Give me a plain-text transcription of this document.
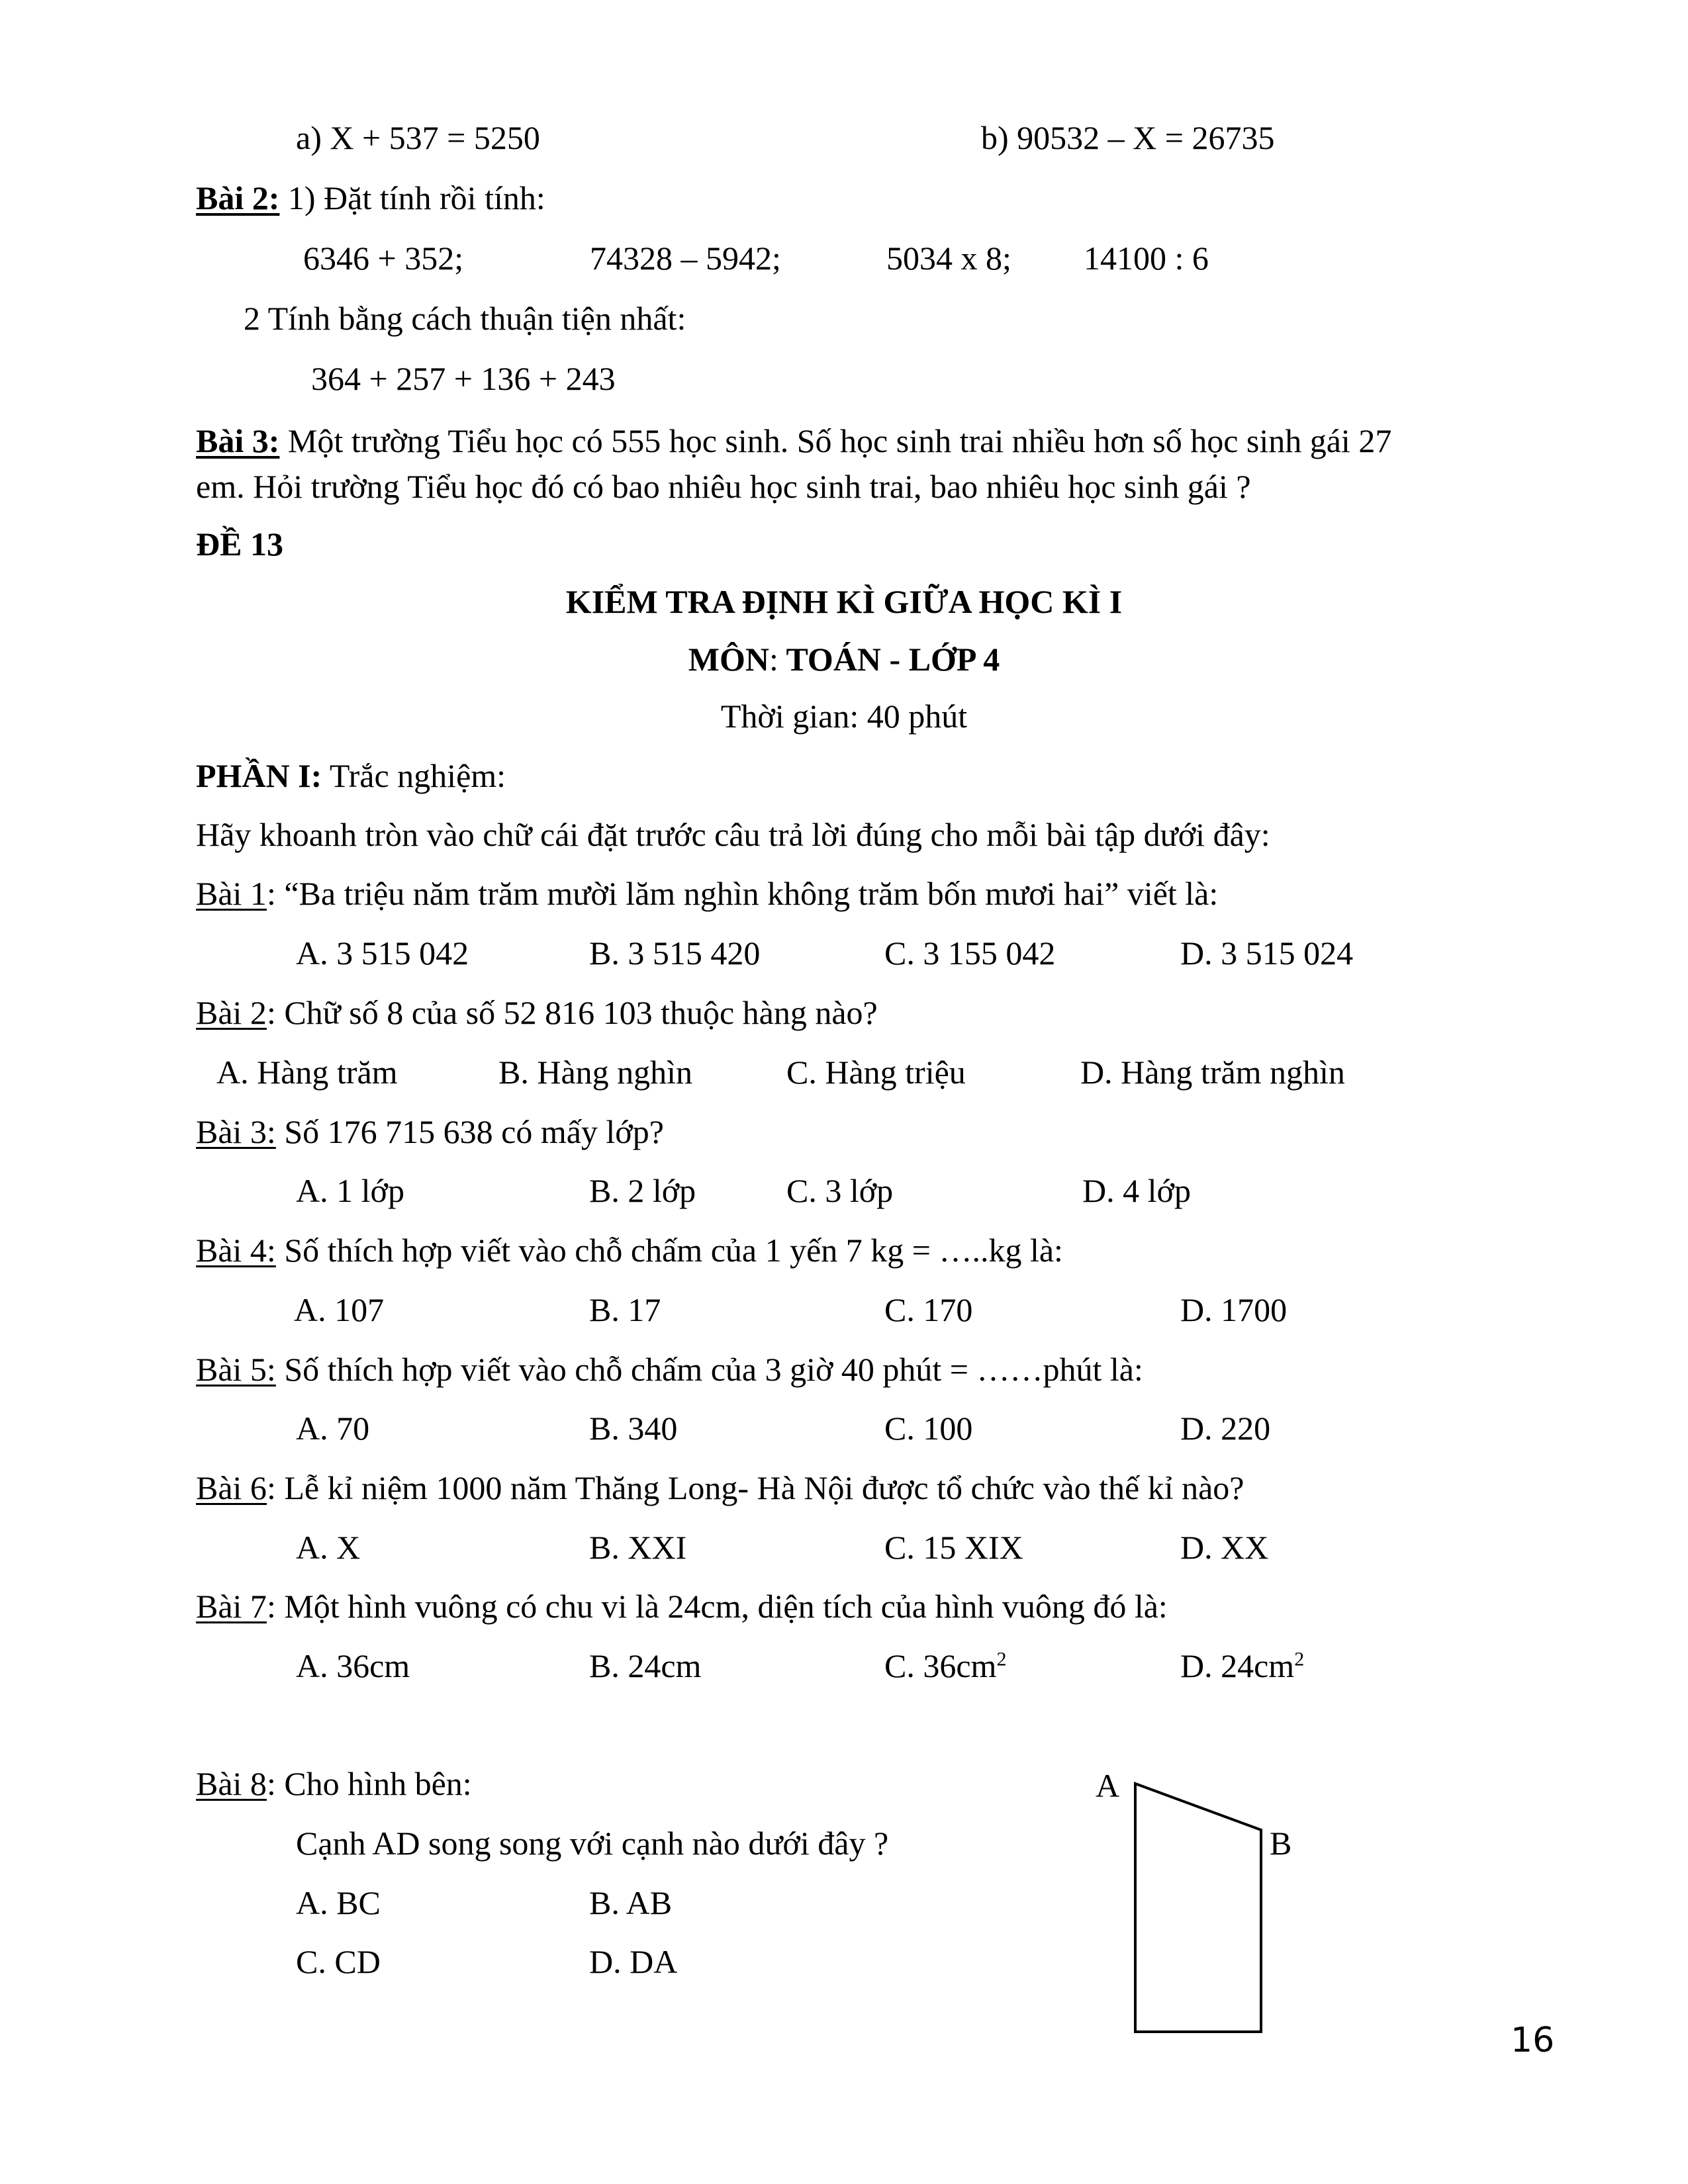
a) X + 537 = 5250	b) 90532 – X = 26735
Bài 2: 1) Đặt tính rồi tính:
6346 + 352;	74328 – 5942;	5034 x 8; 14100 : 6
2 Tính bằng cách thuận tiện nhất:
364 + 257 + 136 + 243
Bài 3: Một trường Tiểu học có 555 học sinh. Số học sinh trai nhiều hơn số học sinh gái 27
em. Hỏi trường Tiểu học đó có bao nhiêu học sinh trai, bao nhiêu học sinh gái ?
ĐỀ 13
KIỂM TRA ĐỊNH KÌ GIỮA HỌC KÌ I
MÔN: TOÁN - LỚP 4
Thời gian: 40 phút
PHẦN I: Trắc nghiệm:
Hãy khoanh tròn vào chữ cái đặt trước câu trả lời đúng cho mỗi bài tập dưới đây:
Bài 1: “Ba triệu năm trăm mười lăm nghìn không trăm bốn mươi hai” viết là:
A. 3 515 042	B. 3 515 420	C. 3 155 042	D. 3 515 024
Bài 2: Chữ số 8 của số 52 816 103 thuộc hàng nào?
A. Hàng trăm	B. Hàng nghìn	C. Hàng triệu	D. Hàng trăm nghìn
Bài 3: Số 176 715 638 có mấy lớp?
A. 1 lớp	B. 2 lớp	C. 3 lớp	D. 4 lớp
Bài 4: Số thích hợp viết vào chỗ chấm của 1 yến 7 kg = …..kg là:
A. 107	B. 17	C. 170	D. 1700
Bài 5: Số thích hợp viết vào chỗ chấm của 3 giờ 40 phút = ……phút là:
A. 70	B. 340	C. 100	D. 220
Bài 6: Lễ kỉ niệm 1000 năm Thăng Long- Hà Nội được tổ chức vào thế kỉ nào?
A. X	B. XXI	C. 15 XIX	D. XX
Bài 7: Một hình vuông có chu vi là 24cm, diện tích của hình vuông đó là:
A. 36cm	B. 24cm	C. $36cm^2$	D. $24cm^2$
Bài 8: Cho hình bên:
Cạnh AD song song với cạnh nào dưới đây ?
A. BC	B. AB
C. CD	D. DA
A
B
16
